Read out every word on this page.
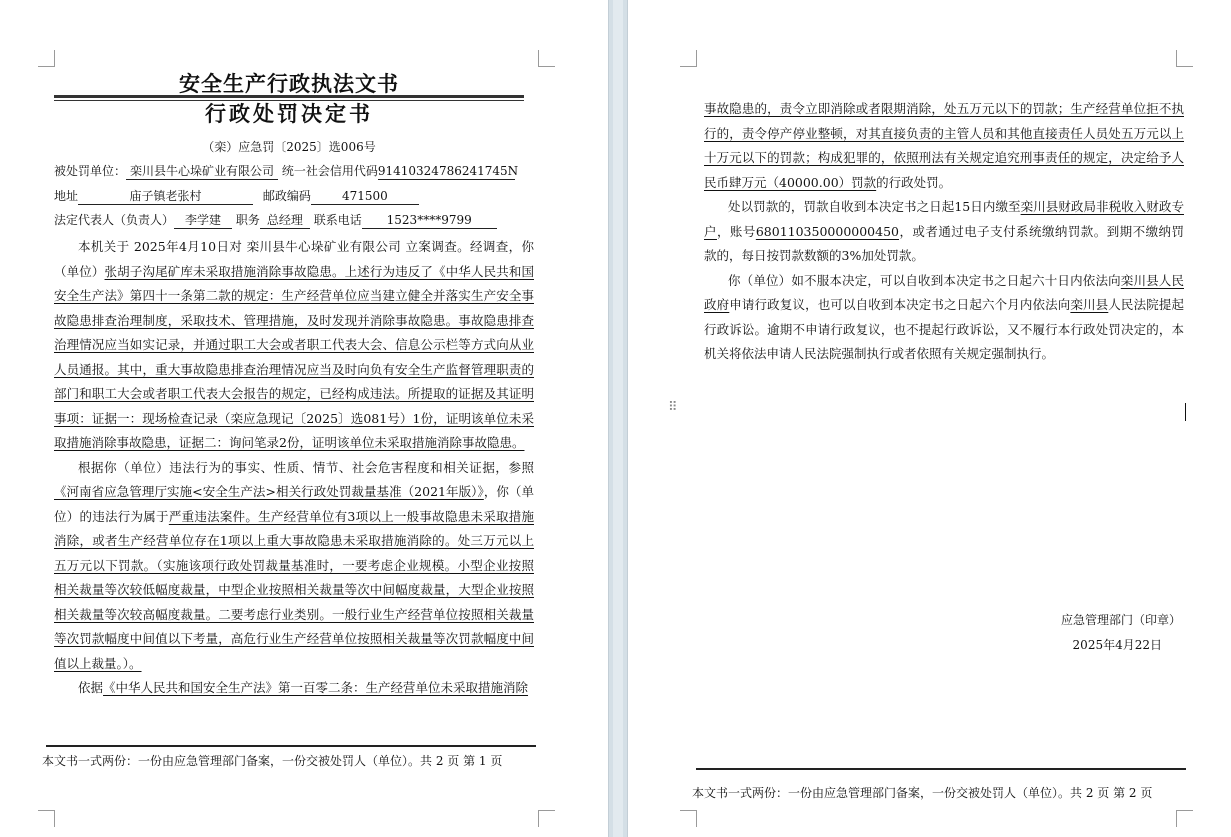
安全生产行政执法文书
行政处罚决定书
（栾）应急罚〔2025〕选006号
被处罚单位： 栾川县牛心垛矿业有限公司 统一社会信用代码91410324786241745N
地址	庙子镇老张村	邮政编码	471500
法定代表人（负责人） 李学建 职务 总经理 联系电话 1523****9799
本机关于 2025年4月10日对 栾川县牛心垛矿业有限公司 立案调查。经调查，你（单位）张胡子沟尾矿库未采取措施消除事故隐患。上述行为违反了《中华人民共和国安全生产法》第四十一条第二款的规定：生产经营单位应当建立健全并落实生产安全事故隐患排查治理制度，采取技术、管理措施，及时发现并消除事故隐患。事故隐患排查治理情况应当如实记录，并通过职工大会或者职工代表大会、信息公示栏等方式向从业人员通报。其中，重大事故隐患排查治理情况应当及时向负有安全生产监督管理职责的部门和职工大会或者职工代表大会报告的规定，已经构成违法。所提取的证据及其证明事项：证据一：现场检查记录（栾应急现记〔2025〕选081号）1份，证明该单位未采取措施消除事故隐患，证据二：询问笔录2份，证明该单位未采取措施消除事故隐患。
根据你（单位）违法行为的事实、性质、情节、社会危害程度和相关证据，参照《河南省应急管理厅实施<安全生产法>相关行政处罚裁量基准（2021年版）》，你（单位）的违法行为属于严重违法案件。生产经营单位有3项以上一般事故隐患未采取措施消除，或者生产经营单位存在1项以上重大事故隐患未采取措施消除的。处三万元以上五万元以下罚款。（实施该项行政处罚裁量基准时，一要考虑企业规模。小型企业按照相关裁量等次较低幅度裁量，中型企业按照相关裁量等次中间幅度裁量，大型企业按照相关裁量等次较高幅度裁量。二要考虑行业类别。一般行业生产经营单位按照相关裁量等次罚款幅度中间值以下考量，高危行业生产经营单位按照相关裁量等次罚款幅度中间值以上裁量。）。
依据《中华人民共和国安全生产法》第一百零二条：生产经营单位未采取措施消除
本文书一式两份：一份由应急管理部门备案，一份交被处罚人（单位）。共 2 页 第 1 页
事故隐患的，责令立即消除或者限期消除，处五万元以下的罚款；生产经营单位拒不执行的，责令停产停业整顿，对其直接负责的主管人员和其他直接责任人员处五万元以上十万元以下的罚款；构成犯罪的，依照刑法有关规定追究刑事责任的规定，决定给予人民币肆万元（40000.00）罚款的行政处罚。
处以罚款的，罚款自收到本决定书之日起15日内缴至栾川县财政局非税收入财政专户，账号680110350000000450，或者通过电子支付系统缴纳罚款。到期不缴纳罚款的，每日按罚款数额的3%加处罚款。
你（单位）如不服本决定，可以自收到本决定书之日起六十日内依法向栾川县人民政府申请行政复议，也可以自收到本决定书之日起六个月内依法向栾川县人民法院提起行政诉讼。逾期不申请行政复议，也不提起行政诉讼，又不履行本行政处罚决定的，本机关将依法申请人民法院强制执行或者依照有关规定强制执行。
应急管理部门（印章）
2025年4月22日
本文书一式两份：一份由应急管理部门备案，一份交被处罚人（单位）。共 2 页 第 2 页
⠿
